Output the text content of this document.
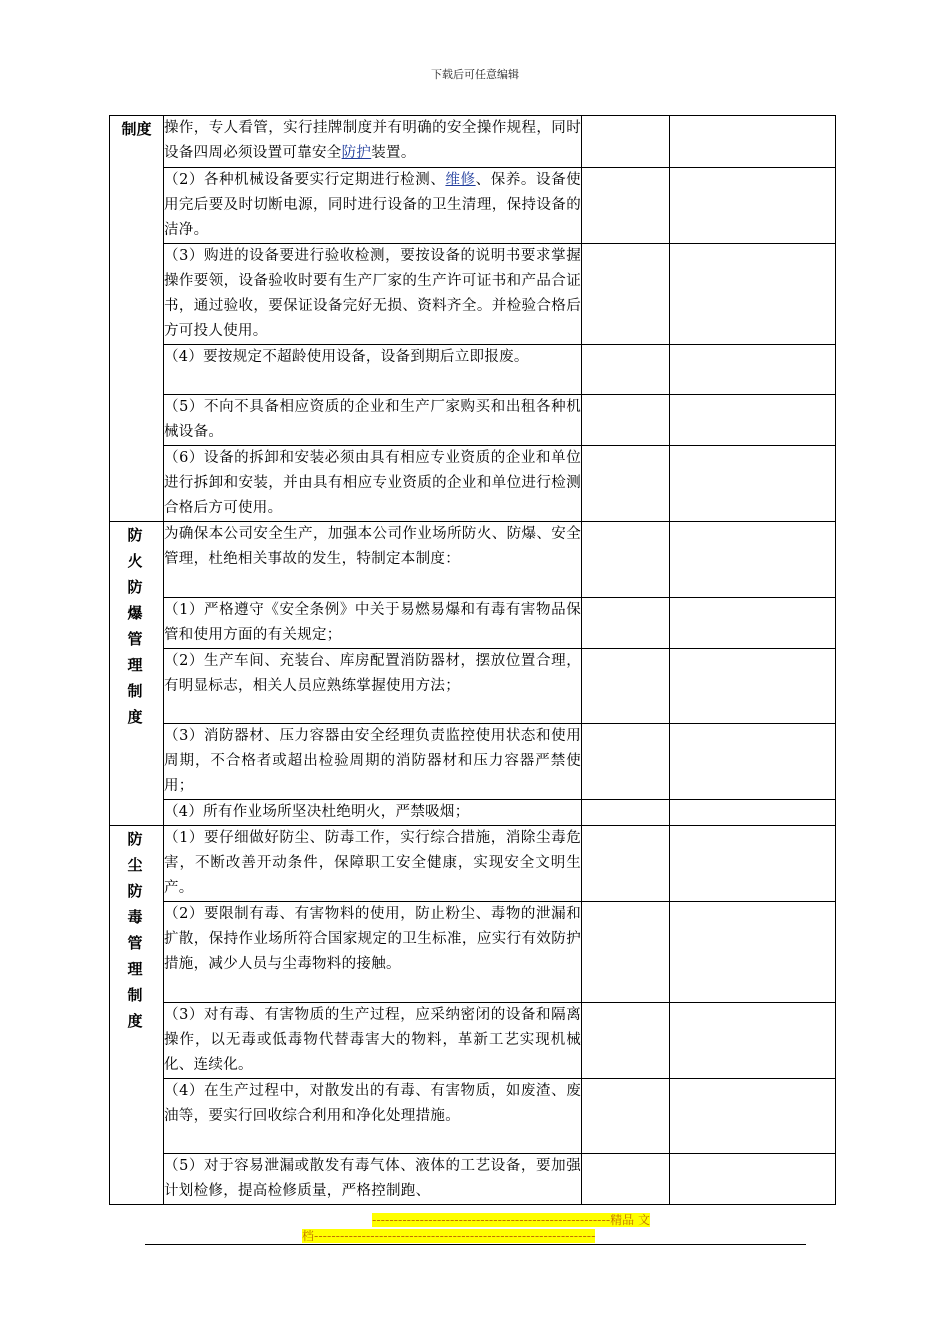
下载后可任意编辑
制度	操作，专人看管，实行挂牌制度并有明确的安全操作规程，同时设备四周必须设置可靠安全防护装置。		
	（2）各种机械设备要实行定期进行检测、维修、保养。设备使用完后要及时切断电源，同时进行设备的卫生清理，保持设备的洁净。		
	（3）购进的设备要进行验收检测，要按设备的说明书要求掌握操作要领，设备验收时要有生产厂家的生产许可证书和产品合证书，通过验收，要保证设备完好无损、资料齐全。并检验合格后方可投人使用。		
	（4）要按规定不超龄使用设备，设备到期后立即报废。		
	（5）不向不具备相应资质的企业和生产厂家购买和出租各种机械设备。		
	（6）设备的拆卸和安装必须由具有相应专业资质的企业和单位进行拆卸和安装，并由具有相应专业资质的企业和单位进行检测合格后方可使用。		

防火防爆管理制度	为确保本公司安全生产，加强本公司作业场所防火、防爆、安全管理，杜绝相关事故的发生，特制定本制度：		
	（1）严格遵守《安全条例》中关于易燃易爆和有毒有害物品保管和使用方面的有关规定；		
	（2）生产车间、充装台、库房配置消防器材，摆放位置合理，有明显标志，相关人员应熟练掌握使用方法；		
	（3）消防器材、压力容器由安全经理负责监控使用状态和使用周期，不合格者或超出检验周期的消防器材和压力容器严禁使用；		
	（4）所有作业场所坚决杜绝明火，严禁吸烟；		

防尘防毒管理制度	（1）要仔细做好防尘、防毒工作，实行综合措施，消除尘毒危害，不断改善开动条件，保障职工安全健康，实现安全文明生产。		
	（2）要限制有毒、有害物料的使用，防止粉尘、毒物的泄漏和扩散，保持作业场所符合国家规定的卫生标准，应实行有效防护措施，减少人员与尘毒物料的接触。		
	（3）对有毒、有害物质的生产过程，应采纳密闭的设备和隔离操作，以无毒或低毒物代替毒害大的物料，革新工艺实现机械化、连续化。		
	（4）在生产过程中，对散发出的有毒、有害物质，如废渣、废油等，要实行回收综合利用和净化处理措施。		
	（5）对于容易泄漏或散发有毒气体、液体的工艺设备，要加强计划检修，提高检修质量，严格控制跑、		
-------------------------------------------------------精品 文
档-----------------------------------------------------------------
